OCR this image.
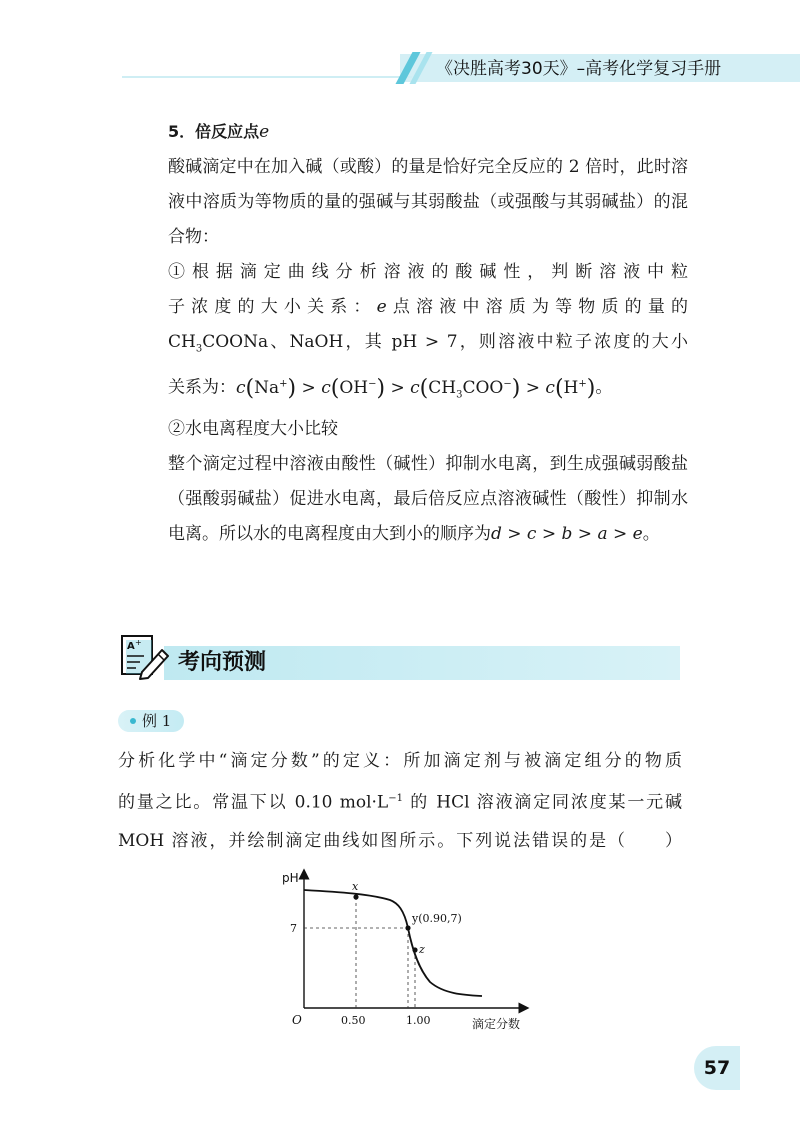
《决胜高考30天》–高考化学复习手册

5．倍反应点e

酸碱滴定中在加入碱（或酸）的量是恰好完全反应的 2 倍时，此时溶液中溶质为等物质的量的强碱与其弱酸盐（或强酸与其弱碱盐）的混合物：

①根据滴定曲线分析溶液的酸碱性，判断溶液中粒

子浓度的大小关系：e点溶液中溶质为等物质的量的

$CH_3COONa$、NaOH，其 pH > 7，则溶液中粒子浓度的大小

关系为：$c(Na^+) > c(OH^-) > c(CH_3COO^-) > c(H^+)$。

②水电离程度大小比较

整个滴定过程中溶液由酸性（碱性）抑制水电离，到生成强碱弱酸盐（强酸弱碱盐）促进水电离，最后倍反应点溶液碱性（酸性）抑制水电离。所以水的电离程度由大到小的顺序为d > c > b > a > e。

A +
考向预测
例 1

分析化学中“滴定分数”的定义：所加滴定剂与被滴定组分的物质

的量之比。常温下以 0.10 $mol\cdot L^{-1}$ 的 HCl 溶液滴定同浓度某一元碱

MOH 溶液，并绘制滴定曲线如图所示。下列说法错误的是（　　）

x
y(0.90,7)
z
pH
7
O	0.50	1.00	滴定分数
57
